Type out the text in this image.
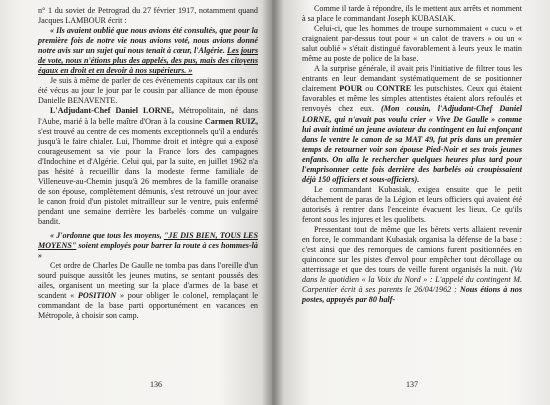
n° 1 du soviet de Petrograd du 27 février 1917, notamment quand Jacques LAMBOUR écrit :

« Ils avaient oublié que nous avions été consultés, que pour la première fois de notre vie nous avions voté, nous avions donné notre avis sur un sujet qui nous tenait à cœur, l'Algérie. Les jours de vote, nous n'étions plus des appelés, des pus, mais des citoyens égaux en droit et en devoir à nos supérieurs. »

Je suis à même de parler de ces événements capitaux car ils ont été vécus au jour le jour par le cousin par alliance de mon épouse Danielle BENAVENTE.

L'Adjudant-Chef Daniel LORNE, Métropolitain, né dans l'Aube, marié à la belle maître d'Oran à la cousine Carmen RUIZ, s'est trouvé au centre de ces moments exceptionnels qu'il a endurés jusqu'à le faire chialer. Lui, l'homme droit et intègre qui a exposé courageusement sa vie pour la France lors des campagnes d'Indochine et d'Algérie. Celui qui, par la suite, en juillet 1962 n'a pas hésité à recueillir dans la modeste ferme familiale de Villeneuve-au-Chemin jusqu'à 26 membres de la famille oranaise de son épouse, complètement démunis, s'est retrouvé un jour avec le canon froid d'un pistolet mitrailleur sur le ventre, puis enfermé pendant une semaine derrière les barbelés comme un vulgaire bandit.

« J'ordonne que tous les moyens, "JE DIS BIEN, TOUS LES MOYENS" soient employés pour barrer la route à ces hommes-là »

Cet ordre de Charles De Gaulle ne tomba pas dans l'oreille d'un sourd puisque aussitôt les jeunes mutins, se sentant poussés des ailes, organisent un meeting sur la place d'armes de la base et scandent « POSITION » pour obliger le colonel, remplaçant le commandant de la base parti opportunément en vacances en Métropole, à choisir son camp.

136

Comme il tarde à répondre, ils le mettent aux arrêts et nomment à sa place le commandant Joseph KUBASIAK.

Celui-ci, que les hommes de troupe surnommaient « cucu » et craignaient par-dessus tout pour « un calot de travers » ou un « salut oublié » s'était distingué favorablement à leurs yeux le matin même au poste de police de la base.

A la surprise générale, il avait pris l'initiative de filtrer tous les entrants en leur demandant systématiquement de se positionner clairement POUR ou CONTRE les putschistes. Ceux qui étaient favorables et même les simples attentistes étaient alors refoulés et renvoyés chez eux. (Mon cousin, l'Adjudant-Chef Daniel LORNE, qui n'avait pas voulu crier « Vive De Gaulle » comme lui avait intimé un jeune aviateur du contingent en lui enfonçant dans le ventre le canon de sa MAT 49, fut pris dans un premier temps de retourner voir son épouse Pied-Noir et ses trois jeunes enfants. On alla le rechercher quelques heures plus tard pour l'emprisonner cette fois derrière des barbelés où croupissaient déjà 150 officiers et sous-officiers).

Le commandant Kubasiak, exigea ensuite que le petit détachement de paras de la Légion et leurs officiers qui avaient été autorisés à rentrer dans l'enceinte évacuent les lieux. Ce qu'ils feront sous les injures et les quolibets.

Pressentant tout de même que les bérets verts allaient revenir en force, le commandant Kubasiak organisa la défense de la base : c'est ainsi que des remorques de camions furent positionnées en quinconce sur les pistes d'envol pour empêcher tout décollage ou atterrissage et que des tours de veille furent organisés la nuit. (Vu dans le quotidien « la Voix du Nord » : L'appelé du contingent M. Carpentier écrit à ses parents le 26/04/1962 : Nous étions à nos postes, appuyés par 80 half-

137
